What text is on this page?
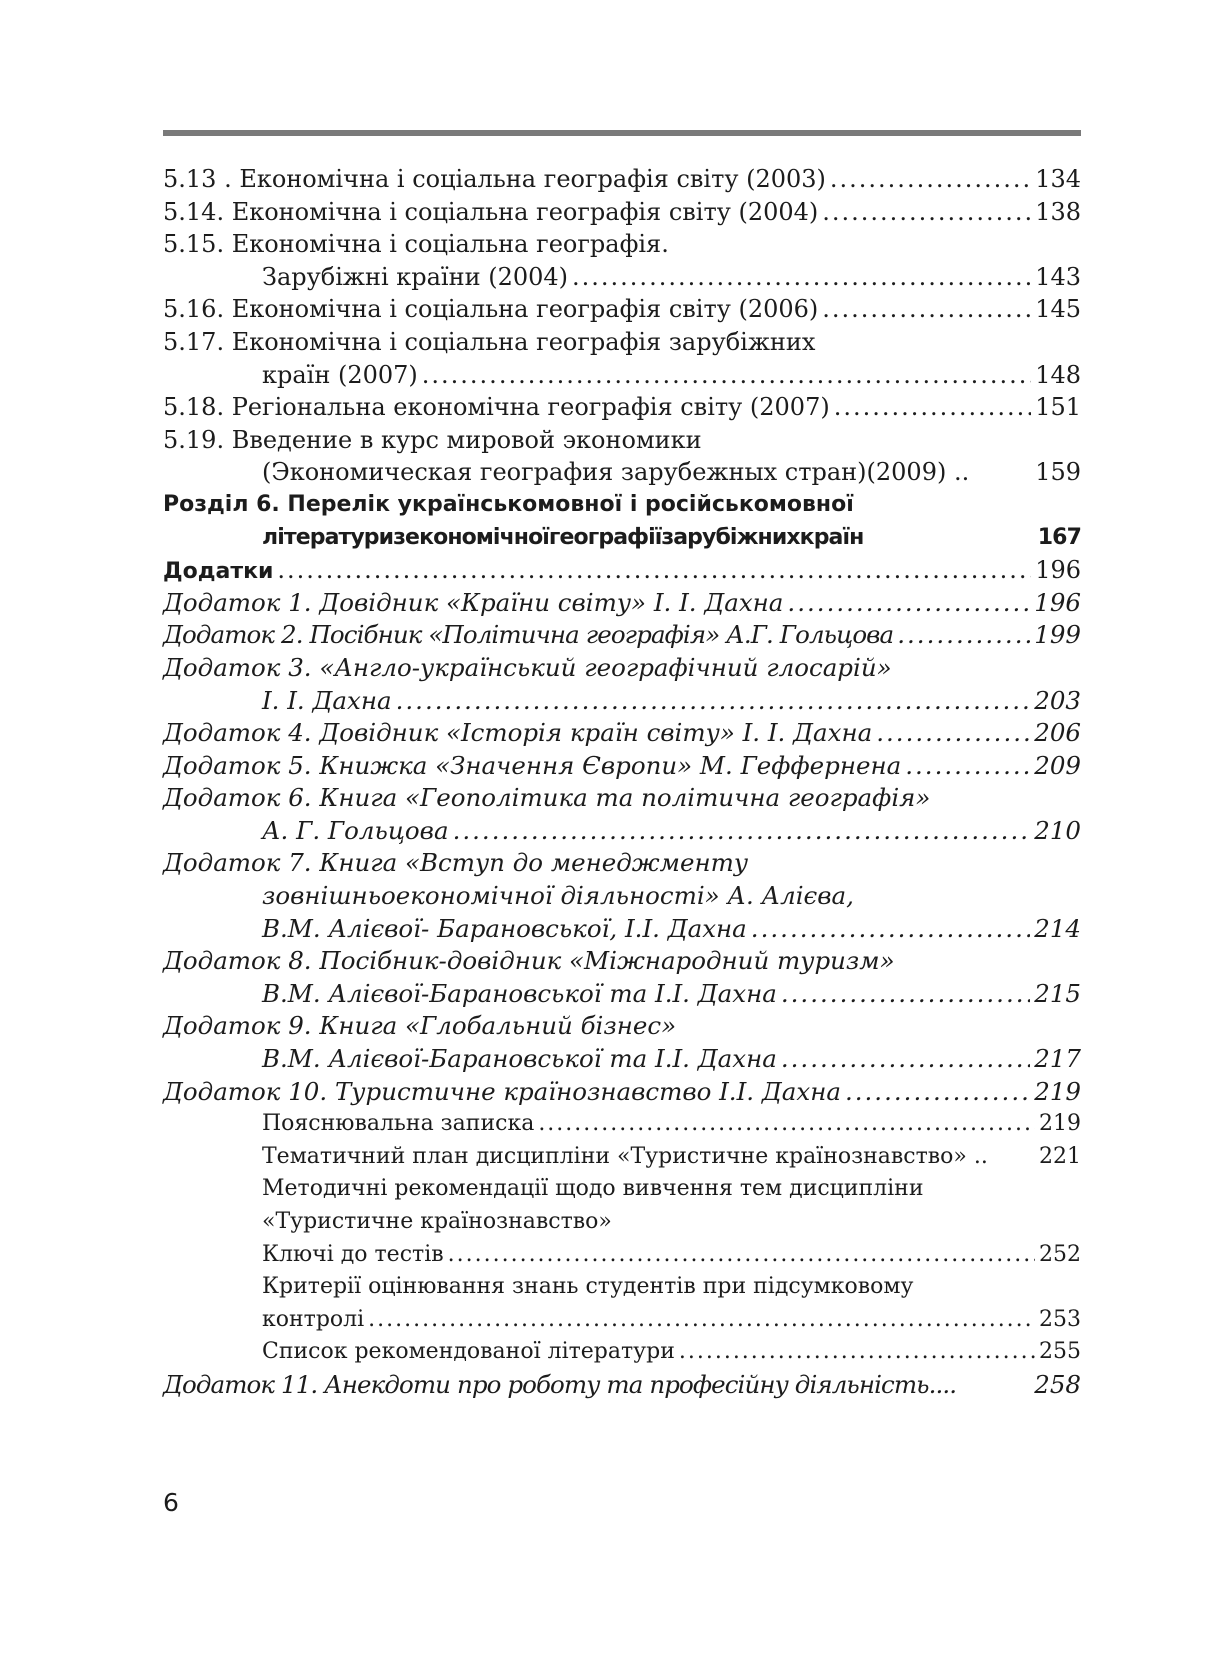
5.13 . Економічна і соціальна географія світу (2003) .....	134
5.14. Економічна і соціальна географія світу (2004) .....	138
5.15. Економічна і соціальна географія.
Зарубіжні країни (2004) .....	143
5.16. Економічна і соціальна географія світу (2006) .....	145
5.17. Економічна і соціальна географія зарубіжних
країн (2007) .....	148
5.18. Регіональна економічна географія світу (2007) .....	151
5.19. Введение в курс мировой экономики
(Экономическая география зарубежных стран)(2009) ..	159
Розділ 6. Перелік українськомовної і російськомовної
літературизекономічноїгеографіїзарубіжнихкраїн	167
Додатки .....	196
Додаток 1. Довідник «Країни світу» І. І. Дахна .....	196
Додаток 2. Посібник «Політична географія» А.Г. Гольцова .....	199
Додаток 3. «Англо-український географічний глосарій»
І. І. Дахна .....	203
Додаток 4. Довідник «Історія країн світу» І. І. Дахна .....	206
Додаток 5. Книжка «Значення Європи» М. Гефферненa .....	209
Додаток 6. Книга «Геополітика та політична географія»
А. Г. Гольцова .....	210
Додаток 7. Книга «Вступ до менеджменту
зовнішньоекономічної діяльності» А. Алієва,
В.М. Алієвої- Барановської, І.І. Дахна .....	214
Додаток 8. Посібник-довідник «Міжнародний туризм»
В.М. Алієвої-Барановської та І.І. Дахна .....	215
Додаток 9. Книга «Глобальний бізнес»
В.М. Алієвої-Барановської та І.І. Дахна .....	217
Додаток 10. Туристичне країнознавство І.І. Дахна .....	219
Пояснювальна записка .....	219
Тематичний план дисципліни «Туристичне країнознавство» .. 221
Методичні рекомендації щодо вивчення тем дисципліни
«Туристичне країнознавство»
Ключі до тестів .....	252
Критерії оцінювання знань студентів при підсумковому
контролі .....	253
Список рекомендованої літератури .....	255
Додаток 11. Анекдоти про роботу та професійну діяльність....	258
6
